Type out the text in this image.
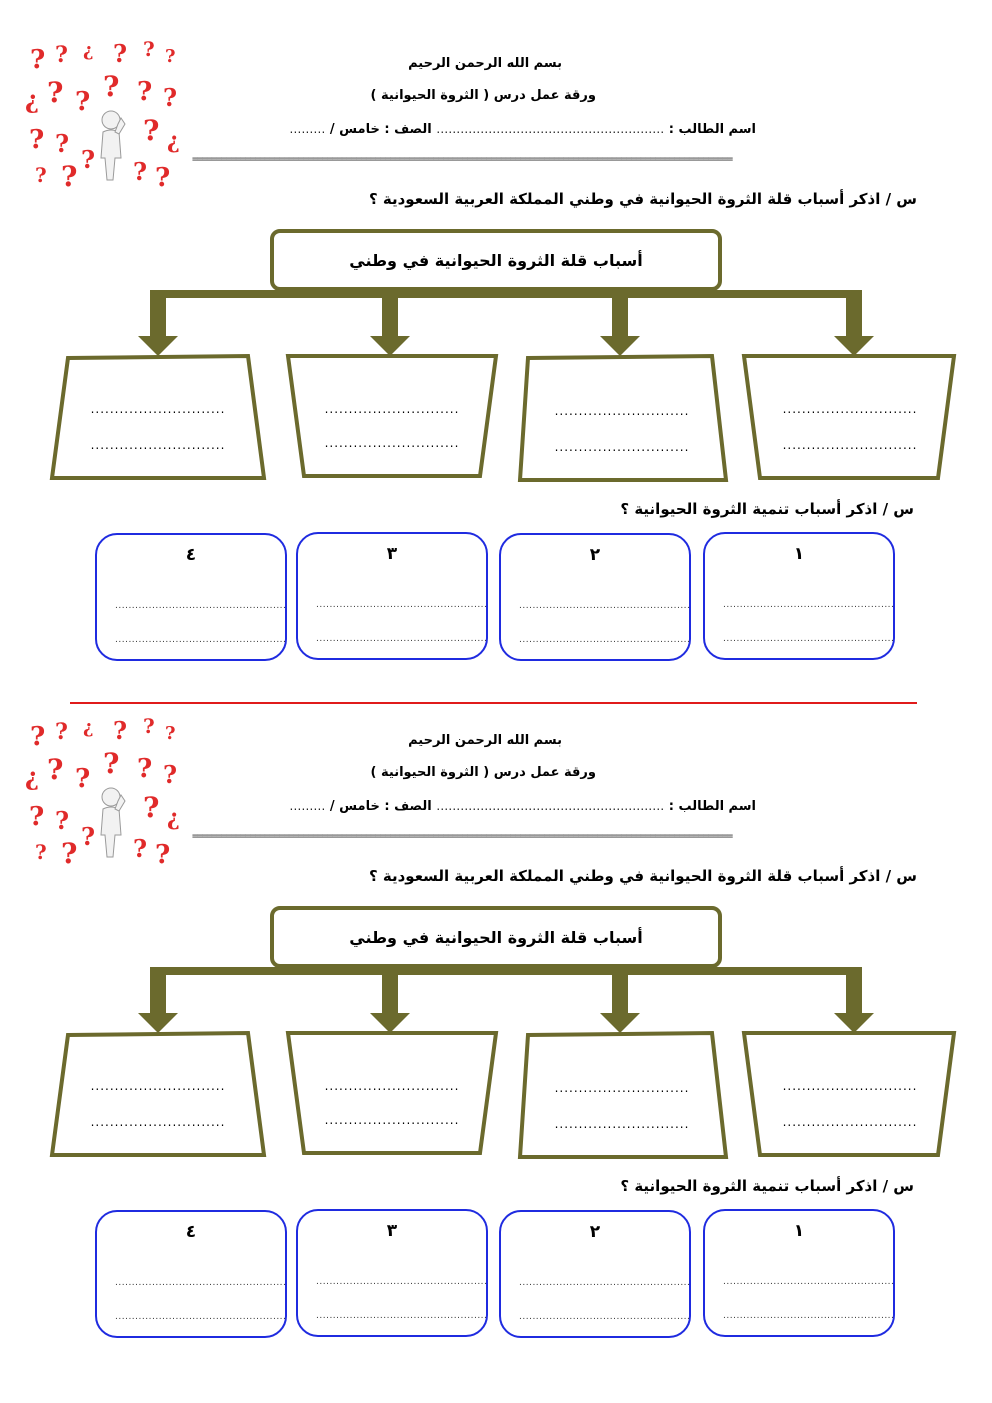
? ? ¿ ? ? ?
¿ ? ? ? ? ?
? ?	? ¿
? ?
? ? ?
بسم الله الرحمن الرحيم
ورقة عمل درس ( الثروة الحيوانية )
اسم الطالب : ………………………………………………… الصف : خامس / ………
================================================================================================================
س / اذكر أسباب قلة الثروة الحيوانية في وطني المملكة العربية السعودية ؟
أسباب قلة الثروة الحيوانية في وطني
............................
............................
............................
............................
............................
............................
............................
............................
س / اذكر أسباب تنمية الثروة الحيوانية ؟
٤
...................................................
...................................................
٣
...................................................
...................................................
٢
...................................................
...................................................
١
...................................................
...................................................
? ? ¿ ? ? ?
¿ ? ? ? ? ?
? ?	? ¿
? ?
? ? ?
بسم الله الرحمن الرحيم
ورقة عمل درس ( الثروة الحيوانية )
اسم الطالب : ………………………………………………… الصف : خامس / ………
================================================================================================================
س / اذكر أسباب قلة الثروة الحيوانية في وطني المملكة العربية السعودية ؟
أسباب قلة الثروة الحيوانية في وطني
............................
............................
............................
............................
............................
............................
............................
............................
س / اذكر أسباب تنمية الثروة الحيوانية ؟
٤
...................................................
...................................................
٣
...................................................
...................................................
٢
...................................................
...................................................
١
...................................................
...................................................
